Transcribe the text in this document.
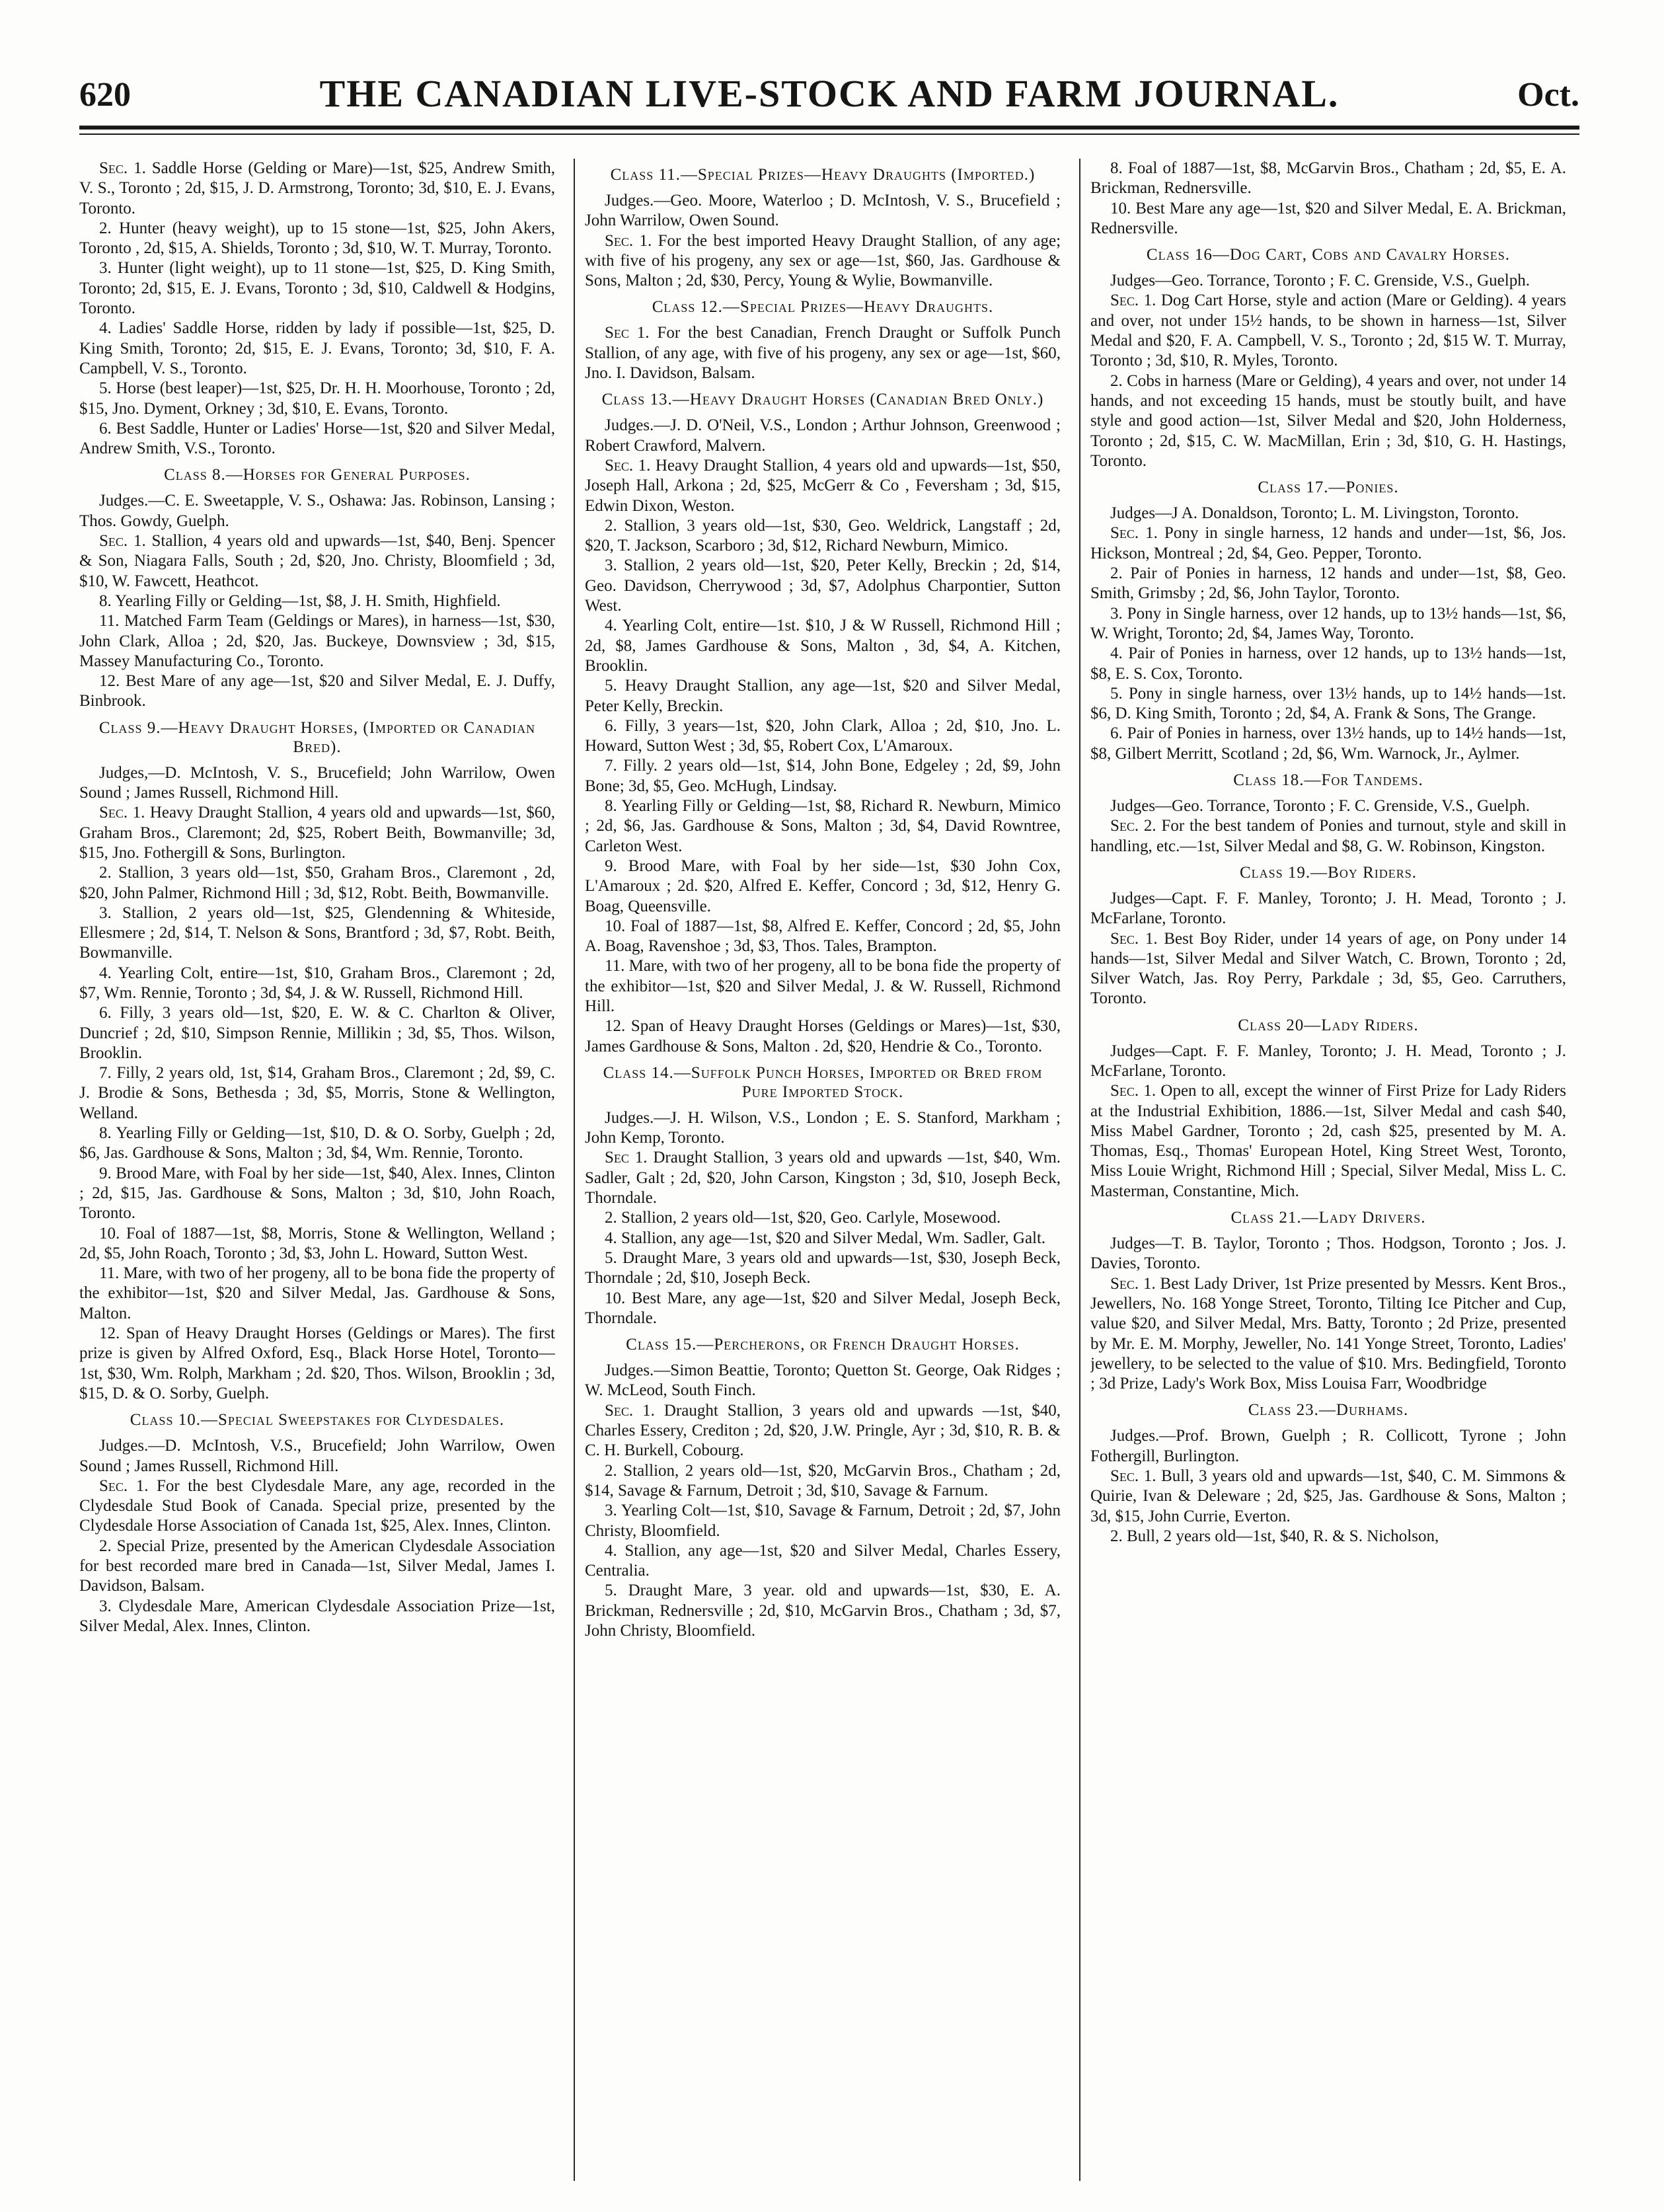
620	THE CANADIAN LIVE-STOCK AND FARM JOURNAL.	Oct.

Sec. 1. Saddle Horse (Gelding or Mare)—1st, $25, Andrew Smith, V. S., Toronto ; 2d, $15, J. D. Armstrong, Toronto; 3d, $10, E. J. Evans, Toronto.

2. Hunter (heavy weight), up to 15 stone—1st, $25, John Akers, Toronto , 2d, $15, A. Shields, Toronto ; 3d, $10, W. T. Murray, Toronto.

3. Hunter (light weight), up to 11 stone—1st, $25, D. King Smith, Toronto; 2d, $15, E. J. Evans, Toronto ; 3d, $10, Caldwell & Hodgins, Toronto.

4. Ladies' Saddle Horse, ridden by lady if possible—1st, $25, D. King Smith, Toronto; 2d, $15, E. J. Evans, Toronto; 3d, $10, F. A. Campbell, V. S., Toronto.

5. Horse (best leaper)—1st, $25, Dr. H. H. Moorhouse, Toronto ; 2d, $15, Jno. Dyment, Orkney ; 3d, $10, E. Evans, Toronto.

6. Best Saddle, Hunter or Ladies' Horse—1st, $20 and Silver Medal, Andrew Smith, V.S., Toronto.

Class 8.—Horses for General Purposes.

Judges.—C. E. Sweetapple, V. S., Oshawa: Jas. Robinson, Lansing ; Thos. Gowdy, Guelph.

Sec. 1. Stallion, 4 years old and upwards—1st, $40, Benj. Spencer & Son, Niagara Falls, South ; 2d, $20, Jno. Christy, Bloomfield ; 3d, $10, W. Fawcett, Heathcot.

8. Yearling Filly or Gelding—1st, $8, J. H. Smith, Highfield.

11. Matched Farm Team (Geldings or Mares), in harness—1st, $30, John Clark, Alloa ; 2d, $20, Jas. Buckeye, Downsview ; 3d, $15, Massey Manufacturing Co., Toronto.

12. Best Mare of any age—1st, $20 and Silver Medal, E. J. Duffy, Binbrook.

Class 9.—Heavy Draught Horses, (Imported or Canadian Bred).

Judges,—D. McIntosh, V. S., Brucefield; John Warrilow, Owen Sound ; James Russell, Richmond Hill.

Sec. 1. Heavy Draught Stallion, 4 years old and upwards—1st, $60, Graham Bros., Claremont; 2d, $25, Robert Beith, Bowmanville; 3d, $15, Jno. Fothergill & Sons, Burlington.

2. Stallion, 3 years old—1st, $50, Graham Bros., Claremont , 2d, $20, John Palmer, Richmond Hill ; 3d, $12, Robt. Beith, Bowmanville.

3. Stallion, 2 years old—1st, $25, Glendenning & Whiteside, Ellesmere ; 2d, $14, T. Nelson & Sons, Brantford ; 3d, $7, Robt. Beith, Bowmanville.

4. Yearling Colt, entire—1st, $10, Graham Bros., Claremont ; 2d, $7, Wm. Rennie, Toronto ; 3d, $4, J. & W. Russell, Richmond Hill.

6. Filly, 3 years old—1st, $20, E. W. & C. Charlton & Oliver, Duncrief ; 2d, $10, Simpson Rennie, Millikin ; 3d, $5, Thos. Wilson, Brooklin.

7. Filly, 2 years old, 1st, $14, Graham Bros., Claremont ; 2d, $9, C. J. Brodie & Sons, Bethesda ; 3d, $5, Morris, Stone & Wellington, Welland.

8. Yearling Filly or Gelding—1st, $10, D. & O. Sorby, Guelph ; 2d, $6, Jas. Gardhouse & Sons, Malton ; 3d, $4, Wm. Rennie, Toronto.

9. Brood Mare, with Foal by her side—1st, $40, Alex. Innes, Clinton ; 2d, $15, Jas. Gardhouse & Sons, Malton ; 3d, $10, John Roach, Toronto.

10. Foal of 1887—1st, $8, Morris, Stone & Wellington, Welland ; 2d, $5, John Roach, Toronto ; 3d, $3, John L. Howard, Sutton West.

11. Mare, with two of her progeny, all to be bona fide the property of the exhibitor—1st, $20 and Silver Medal, Jas. Gardhouse & Sons, Malton.

12. Span of Heavy Draught Horses (Geldings or Mares). The first prize is given by Alfred Oxford, Esq., Black Horse Hotel, Toronto—1st, $30, Wm. Rolph, Markham ; 2d. $20, Thos. Wilson, Brooklin ; 3d, $15, D. & O. Sorby, Guelph.

Class 10.—Special Sweepstakes for Clydesdales.

Judges.—D. McIntosh, V.S., Brucefield; John Warrilow, Owen Sound ; James Russell, Richmond Hill.

Sec. 1. For the best Clydesdale Mare, any age, recorded in the Clydesdale Stud Book of Canada. Special prize, presented by the Clydesdale Horse Association of Canada 1st, $25, Alex. Innes, Clinton.

2. Special Prize, presented by the American Clydesdale Association for best recorded mare bred in Canada—1st, Silver Medal, James I. Davidson, Balsam.

3. Clydesdale Mare, American Clydesdale Association Prize—1st, Silver Medal, Alex. Innes, Clinton.

Class 11.—Special Prizes—Heavy Draughts (Imported.)

Judges.—Geo. Moore, Waterloo ; D. McIntosh, V. S., Brucefield ; John Warrilow, Owen Sound.

Sec. 1. For the best imported Heavy Draught Stallion, of any age; with five of his progeny, any sex or age—1st, $60, Jas. Gardhouse & Sons, Malton ; 2d, $30, Percy, Young & Wylie, Bowmanville.

Class 12.—Special Prizes—Heavy Draughts.

Sec 1. For the best Canadian, French Draught or Suffolk Punch Stallion, of any age, with five of his progeny, any sex or age—1st, $60, Jno. I. Davidson, Balsam.

Class 13.—Heavy Draught Horses (Canadian Bred Only.)

Judges.—J. D. O'Neil, V.S., London ; Arthur Johnson, Greenwood ; Robert Crawford, Malvern.

Sec. 1. Heavy Draught Stallion, 4 years old and upwards—1st, $50, Joseph Hall, Arkona ; 2d, $25, McGerr & Co , Feversham ; 3d, $15, Edwin Dixon, Weston.

2. Stallion, 3 years old—1st, $30, Geo. Weldrick, Langstaff ; 2d, $20, T. Jackson, Scarboro ; 3d, $12, Richard Newburn, Mimico.

3. Stallion, 2 years old—1st, $20, Peter Kelly, Breckin ; 2d, $14, Geo. Davidson, Cherrywood ; 3d, $7, Adolphus Charpontier, Sutton West.

4. Yearling Colt, entire—1st. $10, J & W Russell, Richmond Hill ; 2d, $8, James Gardhouse & Sons, Malton , 3d, $4, A. Kitchen, Brooklin.

5. Heavy Draught Stallion, any age—1st, $20 and Silver Medal, Peter Kelly, Breckin.

6. Filly, 3 years—1st, $20, John Clark, Alloa ; 2d, $10, Jno. L. Howard, Sutton West ; 3d, $5, Robert Cox, L'Amaroux.

7. Filly. 2 years old—1st, $14, John Bone, Edgeley ; 2d, $9, John Bone; 3d, $5, Geo. McHugh, Lindsay.

8. Yearling Filly or Gelding—1st, $8, Richard R. Newburn, Mimico ; 2d, $6, Jas. Gardhouse & Sons, Malton ; 3d, $4, David Rowntree, Carleton West.

9. Brood Mare, with Foal by her side—1st, $30 John Cox, L'Amaroux ; 2d. $20, Alfred E. Keffer, Concord ; 3d, $12, Henry G. Boag, Queensville.

10. Foal of 1887—1st, $8, Alfred E. Keffer, Concord ; 2d, $5, John A. Boag, Ravenshoe ; 3d, $3, Thos. Tales, Brampton.

11. Mare, with two of her progeny, all to be bona fide the property of the exhibitor—1st, $20 and Silver Medal, J. & W. Russell, Richmond Hill.

12. Span of Heavy Draught Horses (Geldings or Mares)—1st, $30, James Gardhouse & Sons, Malton . 2d, $20, Hendrie & Co., Toronto.

Class 14.—Suffolk Punch Horses, Imported or Bred from Pure Imported Stock.

Judges.—J. H. Wilson, V.S., London ; E. S. Stanford, Markham ; John Kemp, Toronto.

Sec 1. Draught Stallion, 3 years old and upwards —1st, $40, Wm. Sadler, Galt ; 2d, $20, John Carson, Kingston ; 3d, $10, Joseph Beck, Thorndale.

2. Stallion, 2 years old—1st, $20, Geo. Carlyle, Mosewood.

4. Stallion, any age—1st, $20 and Silver Medal, Wm. Sadler, Galt.

5. Draught Mare, 3 years old and upwards—1st, $30, Joseph Beck, Thorndale ; 2d, $10, Joseph Beck.

10. Best Mare, any age—1st, $20 and Silver Medal, Joseph Beck, Thorndale.

Class 15.—Percherons, or French Draught Horses.

Judges.—Simon Beattie, Toronto; Quetton St. George, Oak Ridges ; W. McLeod, South Finch.

Sec. 1. Draught Stallion, 3 years old and upwards —1st, $40, Charles Essery, Crediton ; 2d, $20, J.W. Pringle, Ayr ; 3d, $10, R. B. & C. H. Burkell, Cobourg.

2. Stallion, 2 years old—1st, $20, McGarvin Bros., Chatham ; 2d, $14, Savage & Farnum, Detroit ; 3d, $10, Savage & Farnum.

3. Yearling Colt—1st, $10, Savage & Farnum, Detroit ; 2d, $7, John Christy, Bloomfield.

4. Stallion, any age—1st, $20 and Silver Medal, Charles Essery, Centralia.

5. Draught Mare, 3 year. old and upwards—1st, $30, E. A. Brickman, Rednersville ; 2d, $10, McGarvin Bros., Chatham ; 3d, $7, John Christy, Bloomfield.

8. Foal of 1887—1st, $8, McGarvin Bros., Chatham ; 2d, $5, E. A. Brickman, Rednersville.

10. Best Mare any age—1st, $20 and Silver Medal, E. A. Brickman, Rednersville.

Class 16—Dog Cart, Cobs and Cavalry Horses.

Judges—Geo. Torrance, Toronto ; F. C. Grenside, V.S., Guelph.

Sec. 1. Dog Cart Horse, style and action (Mare or Gelding). 4 years and over, not under 15½ hands, to be shown in harness—1st, Silver Medal and $20, F. A. Campbell, V. S., Toronto ; 2d, $15 W. T. Murray, Toronto ; 3d, $10, R. Myles, Toronto.

2. Cobs in harness (Mare or Gelding), 4 years and over, not under 14 hands, and not exceeding 15 hands, must be stoutly built, and have style and good action—1st, Silver Medal and $20, John Holderness, Toronto ; 2d, $15, C. W. MacMillan, Erin ; 3d, $10, G. H. Hastings, Toronto.

Class 17.—Ponies.

Judges—J A. Donaldson, Toronto; L. M. Livingston, Toronto.

Sec. 1. Pony in single harness, 12 hands and under—1st, $6, Jos. Hickson, Montreal ; 2d, $4, Geo. Pepper, Toronto.

2. Pair of Ponies in harness, 12 hands and under—1st, $8, Geo. Smith, Grimsby ; 2d, $6, John Taylor, Toronto.

3. Pony in Single harness, over 12 hands, up to 13½ hands—1st, $6, W. Wright, Toronto; 2d, $4, James Way, Toronto.

4. Pair of Ponies in harness, over 12 hands, up to 13½ hands—1st, $8, E. S. Cox, Toronto.

5. Pony in single harness, over 13½ hands, up to 14½ hands—1st. $6, D. King Smith, Toronto ; 2d, $4, A. Frank & Sons, The Grange.

6. Pair of Ponies in harness, over 13½ hands, up to 14½ hands—1st, $8, Gilbert Merritt, Scotland ; 2d, $6, Wm. Warnock, Jr., Aylmer.

Class 18.—For Tandems.

Judges—Geo. Torrance, Toronto ; F. C. Grenside, V.S., Guelph.

Sec. 2. For the best tandem of Ponies and turnout, style and skill in handling, etc.—1st, Silver Medal and $8, G. W. Robinson, Kingston.

Class 19.—Boy Riders.

Judges—Capt. F. F. Manley, Toronto; J. H. Mead, Toronto ; J. McFarlane, Toronto.

Sec. 1. Best Boy Rider, under 14 years of age, on Pony under 14 hands—1st, Silver Medal and Silver Watch, C. Brown, Toronto ; 2d, Silver Watch, Jas. Roy Perry, Parkdale ; 3d, $5, Geo. Carruthers, Toronto.

Class 20—Lady Riders.

Judges—Capt. F. F. Manley, Toronto; J. H. Mead, Toronto ; J. McFarlane, Toronto.

Sec. 1. Open to all, except the winner of First Prize for Lady Riders at the Industrial Exhibition, 1886.—1st, Silver Medal and cash $40, Miss Mabel Gardner, Toronto ; 2d, cash $25, presented by M. A. Thomas, Esq., Thomas' European Hotel, King Street West, Toronto, Miss Louie Wright, Richmond Hill ; Special, Silver Medal, Miss L. C. Masterman, Constantine, Mich.

Class 21.—Lady Drivers.

Judges—T. B. Taylor, Toronto ; Thos. Hodgson, Toronto ; Jos. J. Davies, Toronto.

Sec. 1. Best Lady Driver, 1st Prize presented by Messrs. Kent Bros., Jewellers, No. 168 Yonge Street, Toronto, Tilting Ice Pitcher and Cup, value $20, and Silver Medal, Mrs. Batty, Toronto ; 2d Prize, presented by Mr. E. M. Morphy, Jeweller, No. 141 Yonge Street, Toronto, Ladies' jewellery, to be selected to the value of $10. Mrs. Bedingfield, Toronto ; 3d Prize, Lady's Work Box, Miss Louisa Farr, Woodbridge

Class 23.—Durhams.

Judges.—Prof. Brown, Guelph ; R. Collicott, Tyrone ; John Fothergill, Burlington.

Sec. 1. Bull, 3 years old and upwards—1st, $40, C. M. Simmons & Quirie, Ivan & Deleware ; 2d, $25, Jas. Gardhouse & Sons, Malton ; 3d, $15, John Currie, Everton.

2. Bull, 2 years old—1st, $40, R. & S. Nicholson,
